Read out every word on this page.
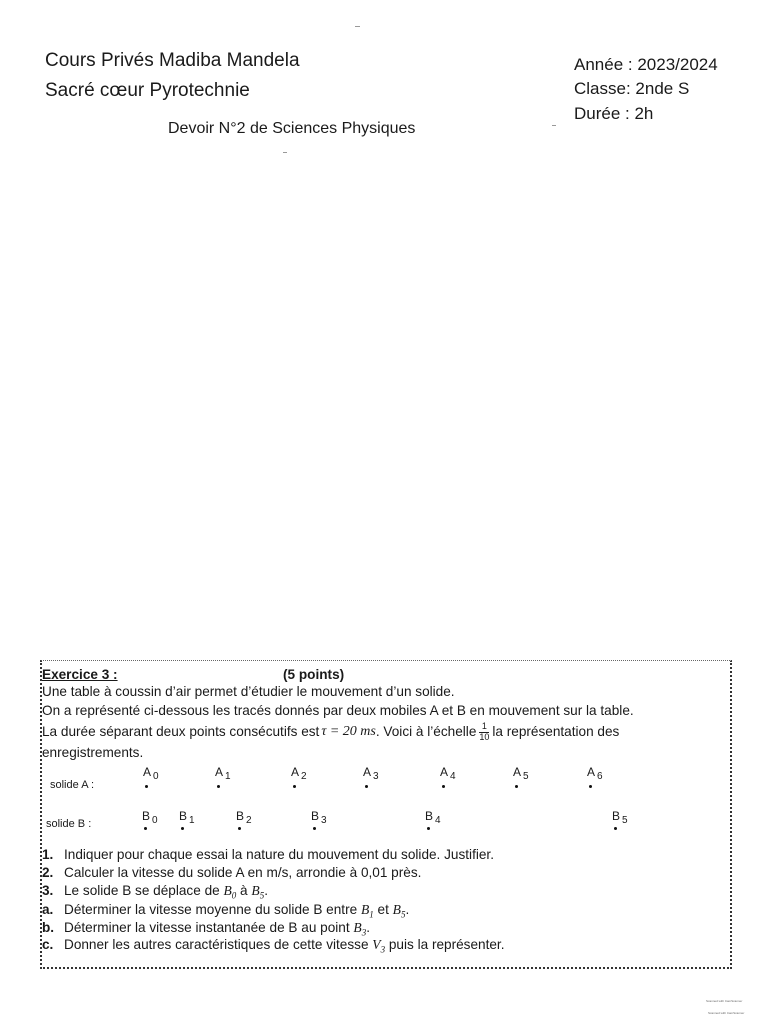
Cours Privés Madiba Mandela
Sacré cœur Pyrotechnie
Année : 2023/2024
Classe: 2nde S
Durée : 2h
Devoir N°2 de Sciences Physiques
Exercice 3 :	(5 points)
Une table à coussin d’air permet d’étudier le mouvement d’un solide.
On a représenté ci-dessous les tracés donnés par deux mobiles A et B en mouvement sur la table.
La durée séparant deux points consécutifs est τ = 20 ms . Voici à l’échelle $\frac{1}{10}$ la représentation des
enregistrements.
solide A :
A $_0$	A $_1$	A $_2$	A $_3$	A $_4$	A $_5$	A $_6$
solide B :
B $_0$ B $_1$	B $_2$	B $_3$	B $_4$	B $_5$
1. Indiquer pour chaque essai la nature du mouvement du solide. Justifier.
2. Calculer la vitesse du solide A en m/s, arrondie à 0,01 près.
3. Le solide B se déplace de $B_0$ à $B_5$.
a. Déterminer la vitesse moyenne du solide B entre $B_1$ et $B_5$.
b. Déterminer la vitesse instantanée de B au point $B_3$.
c. Donner les autres caractéristiques de cette vitesse $V_3$ puis la représenter.
Scanned with CamScanner
Scanned with CamScanner
